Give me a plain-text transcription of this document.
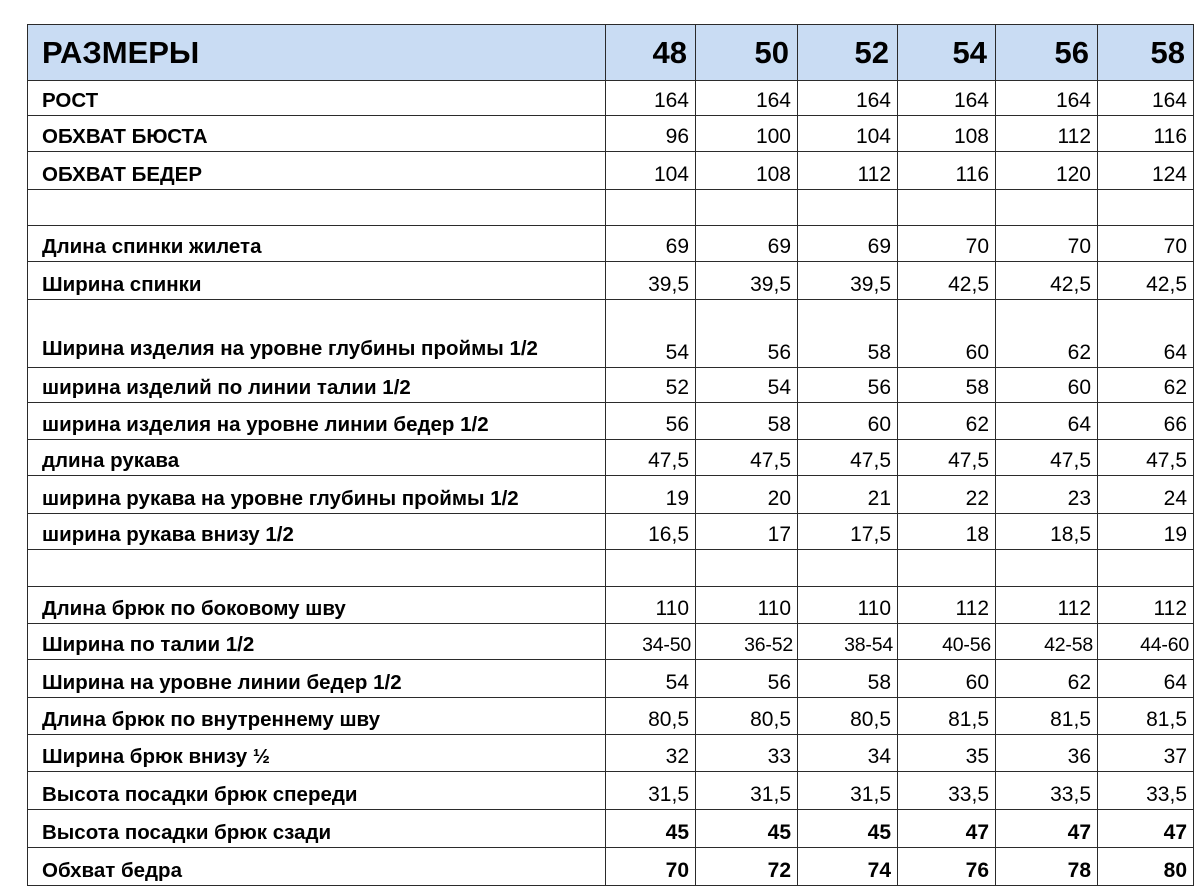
РАЗМЕРЫ	48	50	52	54	56	58
РОСТ	164	164	164	164	164	164
ОБХВАТ БЮСТА	96	100	104	108	112	116
ОБХВАТ БЕДЕР	104	108	112	116	120	124

Длина спинки жилета	69	69	69	70	70	70
Ширина спинки	39,5	39,5	39,5	42,5	42,5	42,5
Ширина изделия на уровне глубины проймы 1/2	54	56	58	60	62	64
ширина изделий по линии талии 1/2	52	54	56	58	60	62
ширина изделия на уровне линии бедер 1/2	56	58	60	62	64	66
длина рукава	47,5	47,5	47,5	47,5	47,5	47,5
ширина рукава на уровне глубины проймы 1/2	19	20	21	22	23	24
ширина рукава внизу 1/2	16,5	17	17,5	18	18,5	19

Длина брюк по боковому шву	110	110	110	112	112	112
Ширина по талии 1/2	34-50	36-52	38-54	40-56	42-58	44-60
Ширина на уровне линии бедер 1/2	54	56	58	60	62	64
Длина брюк по внутреннему шву	80,5	80,5	80,5	81,5	81,5	81,5
Ширина брюк внизу ½	32	33	34	35	36	37
Высота посадки брюк спереди	31,5	31,5	31,5	33,5	33,5	33,5
Высота посадки брюк сзади	45	45	45	47	47	47
Обхват бедра	70	72	74	76	78	80
